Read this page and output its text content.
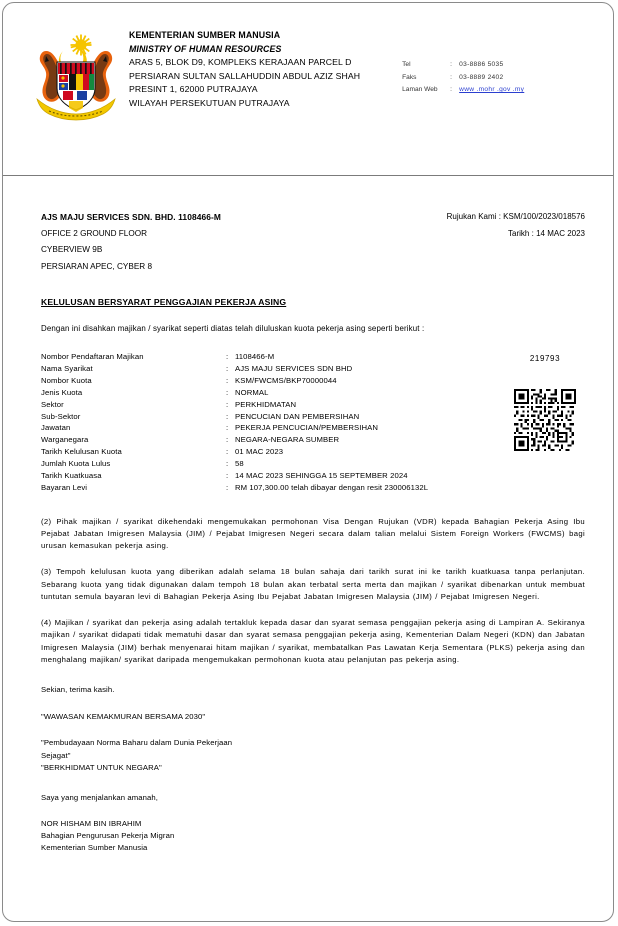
KEMENTERIAN SUMBER MANUSIA
MINISTRY OF HUMAN RESOURCES
ARAS 5, BLOK D9, KOMPLEKS KERAJAAN PARCEL D
PERSIARAN SULTAN SALLAHUDDIN ABDUL AZIZ SHAH
PRESINT 1, 62000 PUTRAJAYA
WILAYAH PERSEKUTUAN PUTRAJAYA
Tel	:	03-8886 5035
Faks	:	03-8889 2402
Laman Web	:	www .mohr .gov .my
AJS MAJU SERVICES SDN. BHD. 1108466-M
OFFICE 2 GROUND FLOOR
CYBERVIEW 9B
PERSIARAN APEC, CYBER 8
Rujukan Kami : KSM/100/2023/018576
Tarikh : 14 MAC 2023
KELULUSAN BERSYARAT PENGGAJIAN PEKERJA ASING
Dengan ini disahkan majikan / syarikat seperti diatas telah diluluskan kuota pekerja asing seperti berikut :
219793
Nombor Pendaftaran Majikan	: 1108466-M
Nama Syarikat	: AJS MAJU SERVICES SDN BHD
Nombor Kuota	: KSM/FWCMS/BKP70000044
Jenis Kuota	: NORMAL
Sektor	: PERKHIDMATAN
Sub-Sektor	: PENCUCIAN DAN PEMBERSIHAN
Jawatan	: PEKERJA PENCUCIAN/PEMBERSIHAN
Warganegara	: NEGARA-NEGARA SUMBER
Tarikh Kelulusan Kuota	: 01 MAC 2023
Jumlah Kuota Lulus	: 58
Tarikh Kuatkuasa	: 14 MAC 2023 SEHINGGA 15 SEPTEMBER 2024
Bayaran Levi	: RM 107,300.00 telah dibayar dengan resit 230006132L
(2) Pihak majikan / syarikat dikehendaki mengemukakan permohonan Visa Dengan Rujukan (VDR) kepada Bahagian Pekerja Asing Ibu Pejabat Jabatan Imigresen Malaysia (JIM) / Pejabat Imigresen Negeri secara dalam talian melalui Sistem Foreign Workers (FWCMS) bagi urusan kemasukan pekerja asing.
(3) Tempoh kelulusan kuota yang diberikan adalah selama 18 bulan sahaja dari tarikh surat ini ke tarikh kuatkuasa tanpa perlanjutan. Sebarang kuota yang tidak digunakan dalam tempoh 18 bulan akan terbatal serta merta dan majikan / syarikat dibenarkan untuk membuat tuntutan semula bayaran levi di Bahagian Pekerja Asing Ibu Pejabat Jabatan Imigresen Malaysia (JIM) / Pejabat Imigresen Negeri.
(4) Majikan / syarikat dan pekerja asing adalah tertakluk kepada dasar dan syarat semasa penggajian pekerja asing di Lampiran A. Sekiranya majikan / syarikat didapati tidak mematuhi dasar dan syarat semasa penggajian pekerja asing, Kementerian Dalam Negeri (KDN) dan Jabatan Imigresen Malaysia (JIM) berhak menyenarai hitam majikan / syarikat, membatalkan Pas Lawatan Kerja Sementara (PLKS) pekerja asing dan menghalang majikan/ syarikat daripada mengemukakan permohonan kuota atau pelanjutan pas pekerja asing.
Sekian, terima kasih.
"WAWASAN KEMAKMURAN BERSAMA 2030"
"Pembudayaan Norma Baharu dalam Dunia Pekerjaan
Sejagat"
"BERKHIDMAT UNTUK NEGARA"
Saya yang menjalankan amanah,
NOR HISHAM BIN IBRAHIM
Bahagian Pengurusan Pekerja Migran
Kementerian Sumber Manusia
